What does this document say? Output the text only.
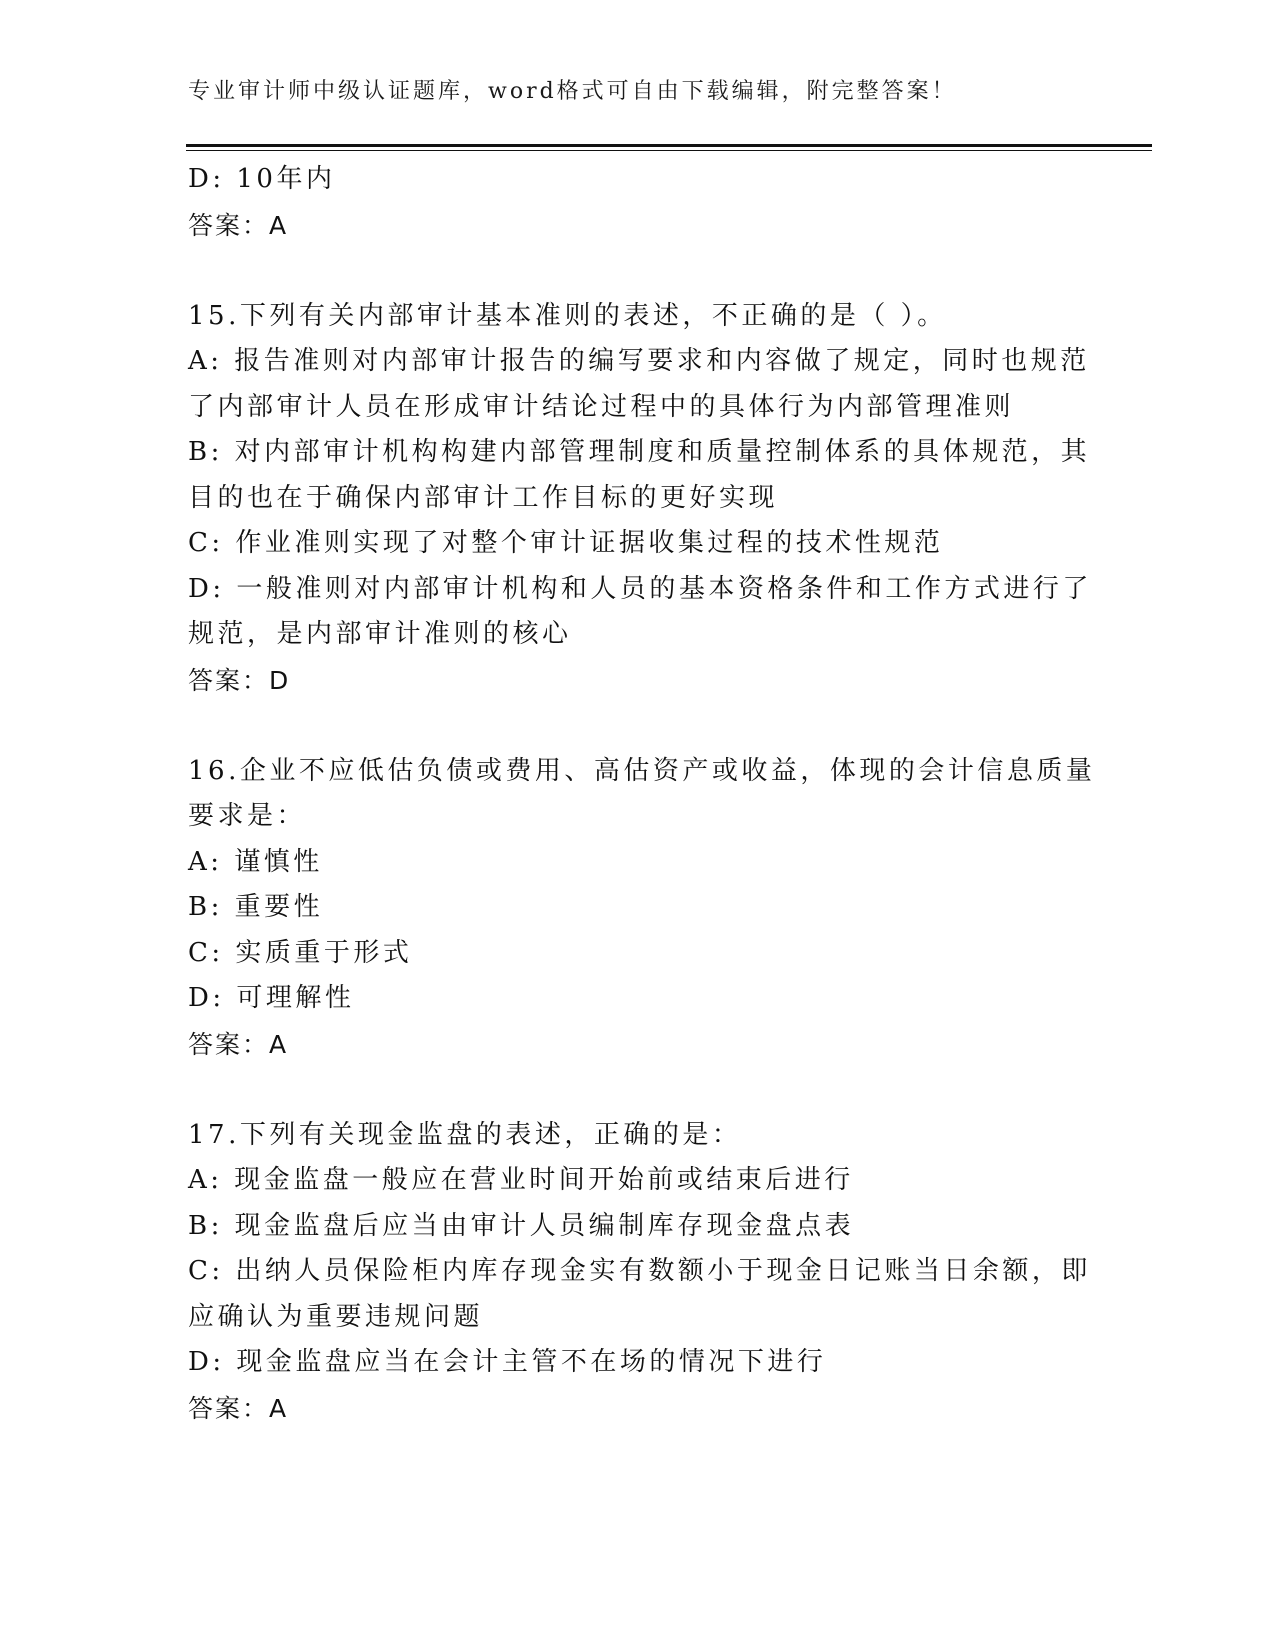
专业审计师中级认证题库，word格式可自由下载编辑，附完整答案！
D: 10年内
答案：A
15.下列有关内部审计基本准则的表述，不正确的是（ ）。
A: 报告准则对内部审计报告的编写要求和内容做了规定，同时也规范
了内部审计人员在形成审计结论过程中的具体行为内部管理准则
B: 对内部审计机构构建内部管理制度和质量控制体系的具体规范，其
目的也在于确保内部审计工作目标的更好实现
C: 作业准则实现了对整个审计证据收集过程的技术性规范
D: 一般准则对内部审计机构和人员的基本资格条件和工作方式进行了
规范，是内部审计准则的核心
答案：D
16.企业不应低估负债或费用、高估资产或收益，体现的会计信息质量
要求是：
A: 谨慎性
B: 重要性
C: 实质重于形式
D: 可理解性
答案：A
17.下列有关现金监盘的表述，正确的是：
A: 现金监盘一般应在营业时间开始前或结束后进行
B: 现金监盘后应当由审计人员编制库存现金盘点表
C: 出纳人员保险柜内库存现金实有数额小于现金日记账当日余额，即
应确认为重要违规问题
D: 现金监盘应当在会计主管不在场的情况下进行
答案：A
